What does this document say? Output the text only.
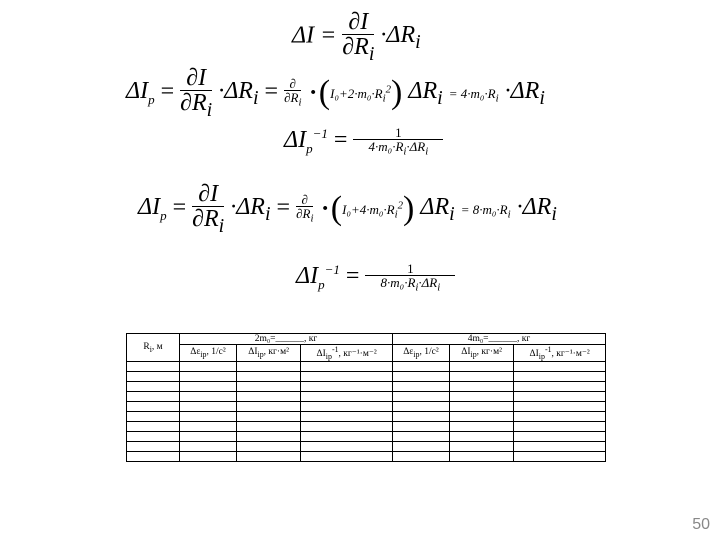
$\Delta I = \frac{\partial I}{\partial R_i} \cdot\Delta R_i$
$\Delta I_p = \frac{\partial I}{\partial R_i} \cdot\Delta R_i = \frac{\partial}{\partial R_i} \cdot(I_0+2\cdot m_0\cdot R_i^2) \Delta R_i = 4\cdot m_0\cdot R_i \cdot\Delta R_i$
$\Delta I_p^{-1} = \frac{1}{4\cdot m_0\cdot R_i\cdot\Delta R_i}$
$\Delta I_p = \frac{\partial I}{\partial R_i} \cdot\Delta R_i = \frac{\partial}{\partial R_i} \cdot(I_0+4\cdot m_0\cdot R_i^2) \Delta R_i = 8\cdot m_0\cdot R_i \cdot\Delta R_i$
$\Delta I_p^{-1} = \frac{1}{8\cdot m_0\cdot R_i\cdot\Delta R_i}$
$R_i$, м	2m₀=______, кг			4m₀=______, кг		
	$\Delta\varepsilon_{ip}$, 1/с²	$\Delta I_{ip}$, кг·м²	$\Delta I_{ip}^{-1}$, кг⁻¹·м⁻²	$\Delta\varepsilon_{ip}$, 1/с²	$\Delta I_{ip}$, кг·м²	$\Delta I_{ip}^{-1}$, кг⁻¹·м⁻²

50
